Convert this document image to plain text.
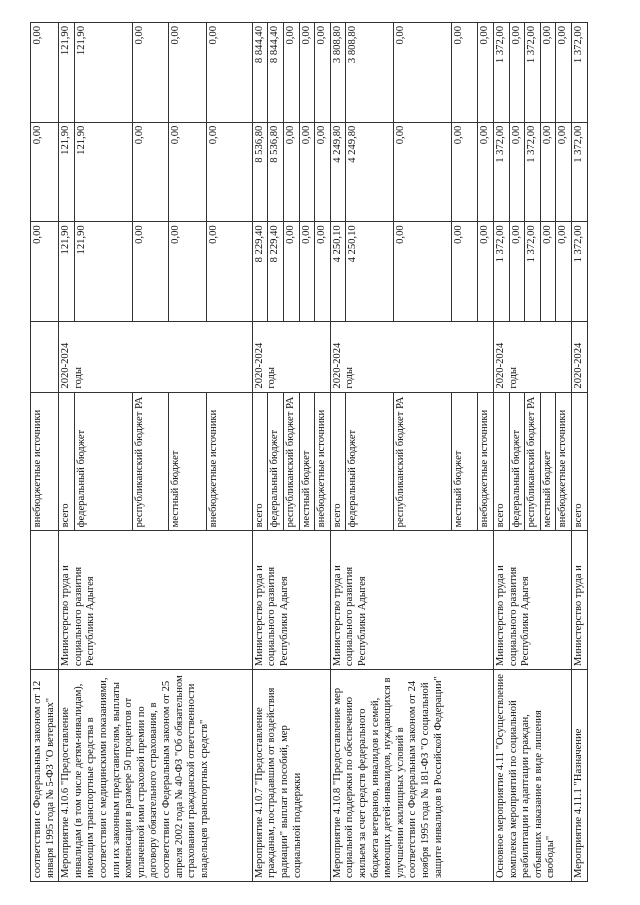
соответствии с Федеральным законом от 12 января 1995 года № 5-ФЗ "О ветеранах"		внебюджетные источники		0,00	0,00	0,00
Мероприятие 4.10.6 "Предоставление инвалидам (в том числе детям-инвалидам), имеющим транспортные средства в соответствии с медицинскими показаниями, или их законным представителям, выплаты компенсации в размере 50 процентов от уплаченной ими страховой премии по договору обязательного страхования, в соответствии с Федеральным законом от 25 апреля 2002 года № 40-ФЗ "Об обязательном страховании гражданской ответственности владельцев транспортных средств"	Министерство труда и социального развития Республики Адыгея	всего	2020-2024 годы	121,90	121,90	121,90
		федеральный бюджет		121,90	121,90	121,90
		республиканский бюджет РА		0,00	0,00	0,00
		местный бюджет		0,00	0,00	0,00
		внебюджетные источники		0,00	0,00	0,00
Мероприятие 4.10.7 "Предоставление гражданам, пострадавшим от воздействия радиации" выплат и пособий, мер социальной поддержки	Министерство труда и социального развития Республики Адыгея	всего	2020-2024 годы	8 229,40	8 536,80	8 844,40
		федеральный бюджет		8 229,40	8 536,80	8 844,40
		республиканский бюджет РА		0,00	0,00	0,00
		местный бюджет		0,00	0,00	0,00
		внебюджетные источники		0,00	0,00	0,00
Мероприятие 4.10.8 "Предоставление мер социальной поддержки по обеспечению жильем за счет средств федерального бюджета ветеранов, инвалидов и семей, имеющих детей-инвалидов, нуждающихся в улучшении жилищных условий в соответствии с Федеральным законом от 24 ноября 1995 года № 181-ФЗ "О социальной защите инвалидов в Российской Федерации"	Министерство труда и социального развития Республики Адыгея	всего	2020-2024 годы	4 250,10	4 249,80	3 808,80
		федеральный бюджет		4 250,10	4 249,80	3 808,80
		республиканский бюджет РА		0,00	0,00	0,00
		местный бюджет		0,00	0,00	0,00
		внебюджетные источники		0,00	0,00	0,00
Основное мероприятие 4.11 "Осуществление комплекса мероприятий по социальной реабилитации и адаптации граждан, отбывших наказание в виде лишения свободы"	Министерство труда и социального развития Республики Адыгея	всего	2020-2024 годы	1 372,00	1 372,00	1 372,00
		федеральный бюджет		0,00	0,00	0,00
		республиканский бюджет РА		1 372,00	1 372,00	1 372,00
		местный бюджет		0,00	0,00	0,00
		внебюджетные источники		0,00	0,00	0,00
Мероприятие 4.11.1 "Назначение	Министерство труда и	всего	2020-2024	1 372,00	1 372,00	1 372,00
